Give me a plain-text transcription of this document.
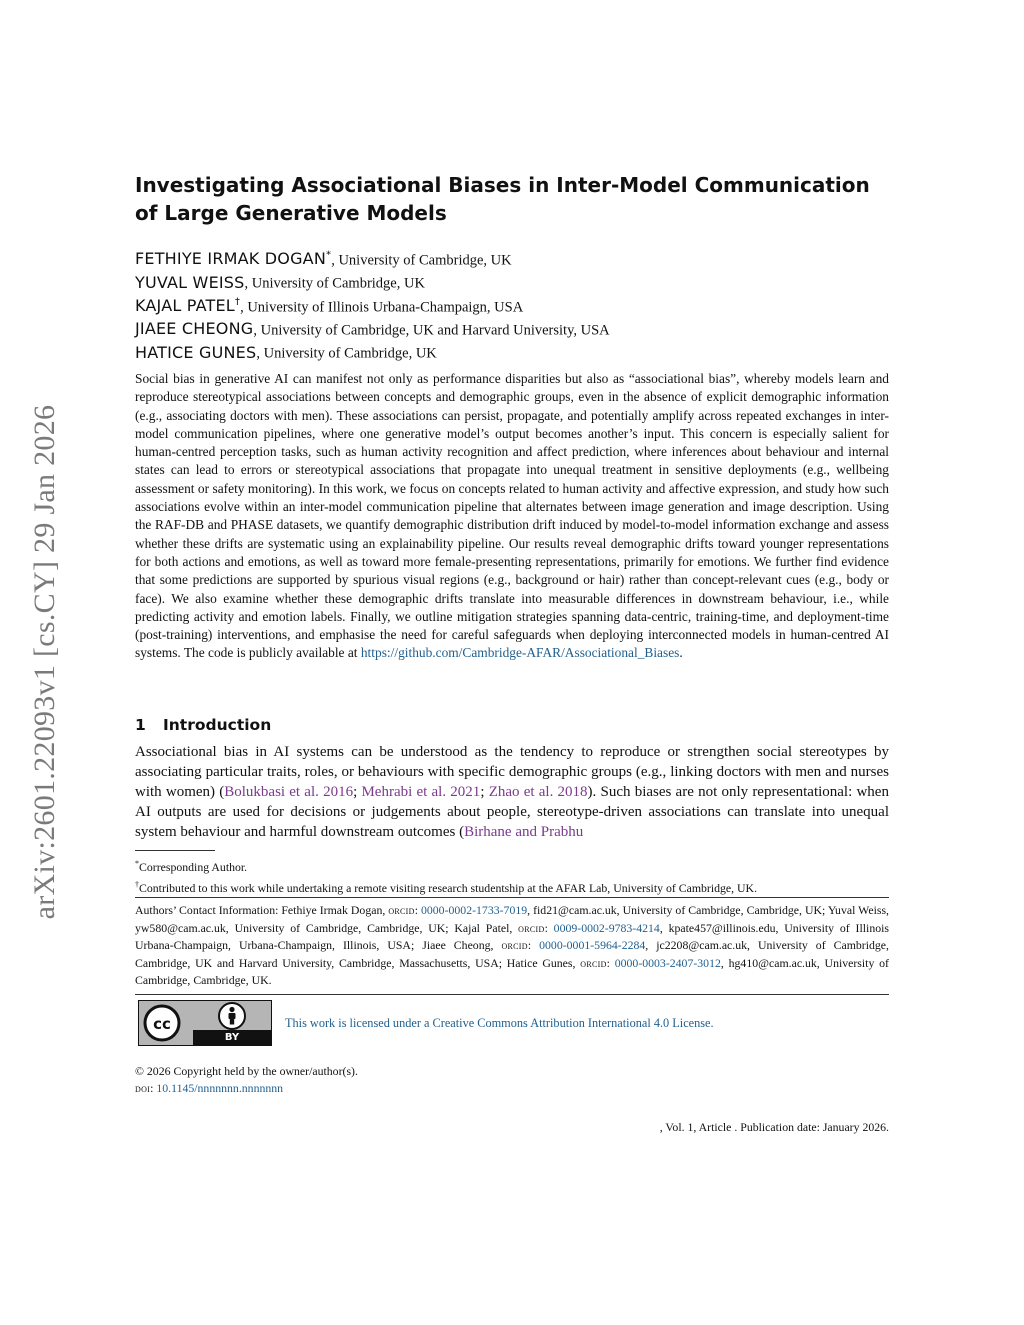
arXiv:2601.22093v1 [cs.CY] 29 Jan 2026
Investigating Associational Biases in Inter-Model Communication of Large Generative Models
FETHIYE IRMAK DOGAN*, University of Cambridge, UK
YUVAL WEISS, University of Cambridge, UK
KAJAL PATEL†, University of Illinois Urbana-Champaign, USA
JIAEE CHEONG, University of Cambridge, UK and Harvard University, USA
HATICE GUNES, University of Cambridge, UK

Social bias in generative AI can manifest not only as performance disparities but also as “associational bias”, whereby models learn and reproduce stereotypical associations between concepts and demographic groups, even in the absence of explicit demographic information (e.g., associating doctors with men). These associations can persist, propagate, and potentially amplify across repeated exchanges in inter-model communication pipelines, where one generative model’s output becomes another’s input. This concern is especially salient for human-centred perception tasks, such as human activity recognition and affect prediction, where inferences about behaviour and internal states can lead to errors or stereotypical associations that propagate into unequal treatment in sensitive deployments (e.g., wellbeing assessment or safety monitoring). In this work, we focus on concepts related to human activity and affective expression, and study how such associations evolve within an inter-model communication pipeline that alternates between image generation and image description. Using the RAF-DB and PHASE datasets, we quantify demographic distribution drift induced by model-to-model information exchange and assess whether these drifts are systematic using an explainability pipeline. Our results reveal demographic drifts toward younger representations for both actions and emotions, as well as toward more female-presenting representations, primarily for emotions. We further find evidence that some predictions are supported by spurious visual regions (e.g., background or hair) rather than concept-relevant cues (e.g., body or face). We also examine whether these demographic drifts translate into measurable differences in downstream behaviour, i.e., while predicting activity and emotion labels. Finally, we outline mitigation strategies spanning data-centric, training-time, and deployment-time (post-training) interventions, and emphasise the need for careful safeguards when deploying interconnected models in human-centred AI systems. The code is publicly available at https://github.com/Cambridge-AFAR/Associational_Biases.

1 Introduction

Associational bias in AI systems can be understood as the tendency to reproduce or strengthen social stereotypes by associating particular traits, roles, or behaviours with specific demographic groups (e.g., linking doctors with men and nurses with women) (Bolukbasi et al. 2016; Mehrabi et al. 2021; Zhao et al. 2018). Such biases are not only representational: when AI outputs are used for decisions or judgements about people, stereotype-driven associations can translate into unequal system behaviour and harmful downstream outcomes (Birhane and Prabhu

*Corresponding Author.
†Contributed to this work while undertaking a remote visiting research studentship at the AFAR Lab, University of Cambridge, UK.

Authors’ Contact Information: Fethiye Irmak Dogan, orcid: 0000-0002-1733-7019, fid21@cam.ac.uk, University of Cambridge, Cambridge, UK; Yuval Weiss, yw580@cam.ac.uk, University of Cambridge, Cambridge, UK; Kajal Patel, orcid: 0009-0002-9783-4214, kpate457@illinois.edu, University of Illinois Urbana-Champaign, Urbana-Champaign, Illinois, USA; Jiaee Cheong, orcid: 0000-0001-5964-2284, jc2208@cam.ac.uk, University of Cambridge, Cambridge, UK and Harvard University, Cambridge, Massachusetts, USA; Hatice Gunes, orcid: 0000-0003-2407-3012, hg410@cam.ac.uk, University of Cambridge, Cambridge, UK.

cc
BY
This work is licensed under a Creative Commons Attribution International 4.0 License.
© 2026 Copyright held by the owner/author(s).
doi: 10.1145/nnnnnnn.nnnnnnn
, Vol. 1, Article . Publication date: January 2026.
